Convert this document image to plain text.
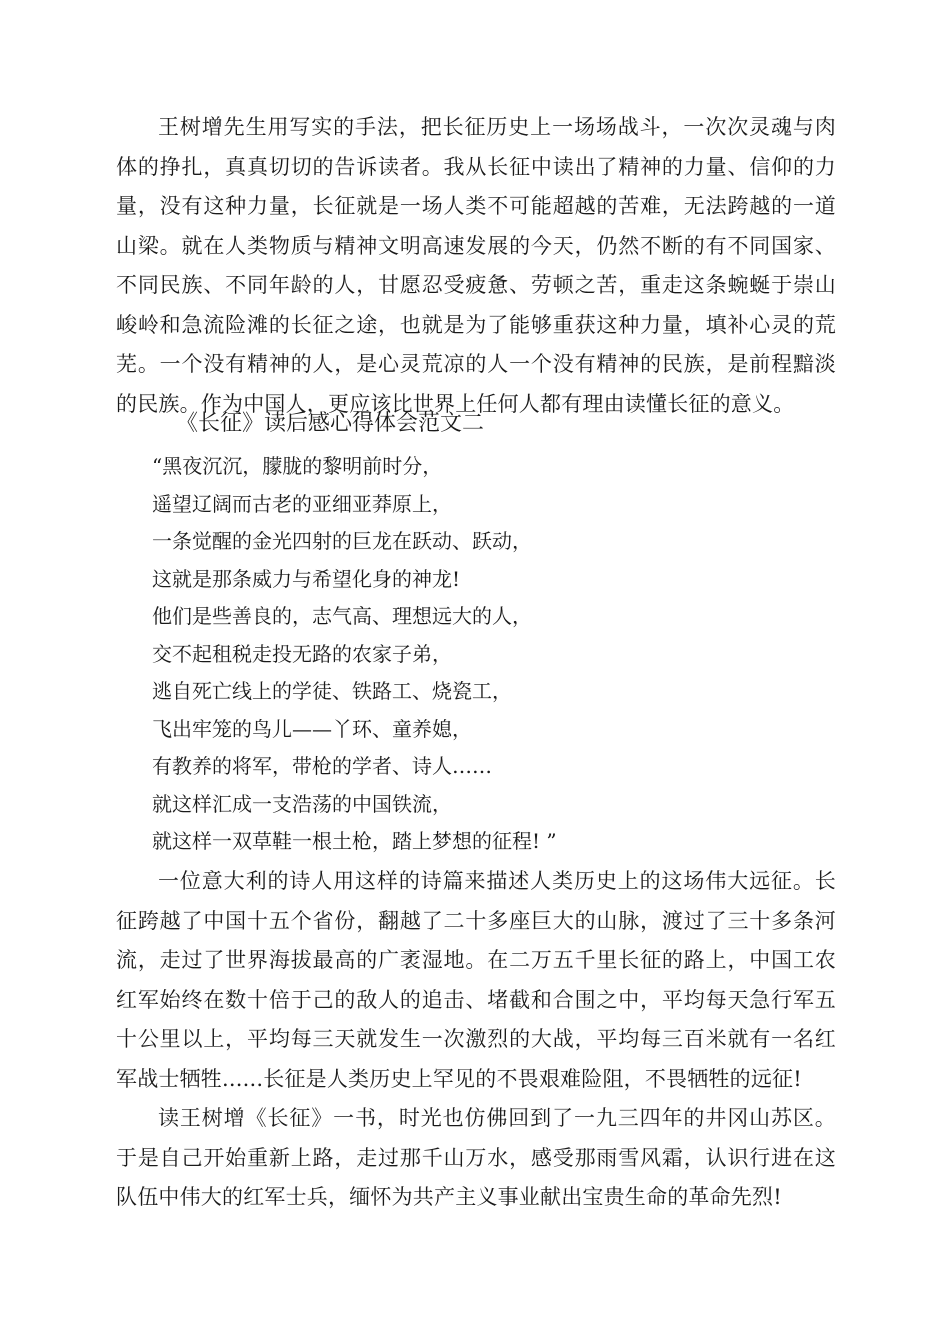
王树增先生用写实的手法，把长征历史上一场场战斗，一次次灵魂与肉体的挣扎，真真切切的告诉读者。我从长征中读出了精神的力量、信仰的力量，没有这种力量，长征就是一场人类不可能超越的苦难，无法跨越的一道山梁。就在人类物质与精神文明高速发展的今天，仍然不断的有不同国家、不同民族、不同年龄的人，甘愿忍受疲惫、劳顿之苦，重走这条蜿蜒于崇山峻岭和急流险滩的长征之途，也就是为了能够重获这种力量，填补心灵的荒芜。一个没有精神的人，是心灵荒凉的人一个没有精神的民族，是前程黯淡的民族。作为中国人，更应该比世界上任何人都有理由读懂长征的意义。

《长征》读后感心得体会范文二
“黑夜沉沉，朦胧的黎明前时分，
遥望辽阔而古老的亚细亚莽原上，
一条觉醒的金光四射的巨龙在跃动、跃动，
这就是那条威力与希望化身的神龙!
他们是些善良的，志气高、理想远大的人，
交不起租税走投无路的农家子弟，
逃自死亡线上的学徒、铁路工、烧瓷工，
飞出牢笼的鸟儿——丫环、童养媳，
有教养的将军，带枪的学者、诗人……
就这样汇成一支浩荡的中国铁流，
就这样一双草鞋一根土枪，踏上梦想的征程! ”

一位意大利的诗人用这样的诗篇来描述人类历史上的这场伟大远征。长征跨越了中国十五个省份，翻越了二十多座巨大的山脉，渡过了三十多条河流，走过了世界海拔最高的广袤湿地。在二万五千里长征的路上，中国工农红军始终在数十倍于己的敌人的追击、堵截和合围之中，平均每天急行军五十公里以上，平均每三天就发生一次激烈的大战，平均每三百米就有一名红军战士牺牲......长征是人类历史上罕见的不畏艰难险阻，不畏牺牲的远征!

读王树增《长征》一书，时光也仿佛回到了一九三四年的井冈山苏区。于是自己开始重新上路，走过那千山万水，感受那雨雪风霜，认识行进在这队伍中伟大的红军士兵，缅怀为共产主义事业献出宝贵生命的革命先烈!
